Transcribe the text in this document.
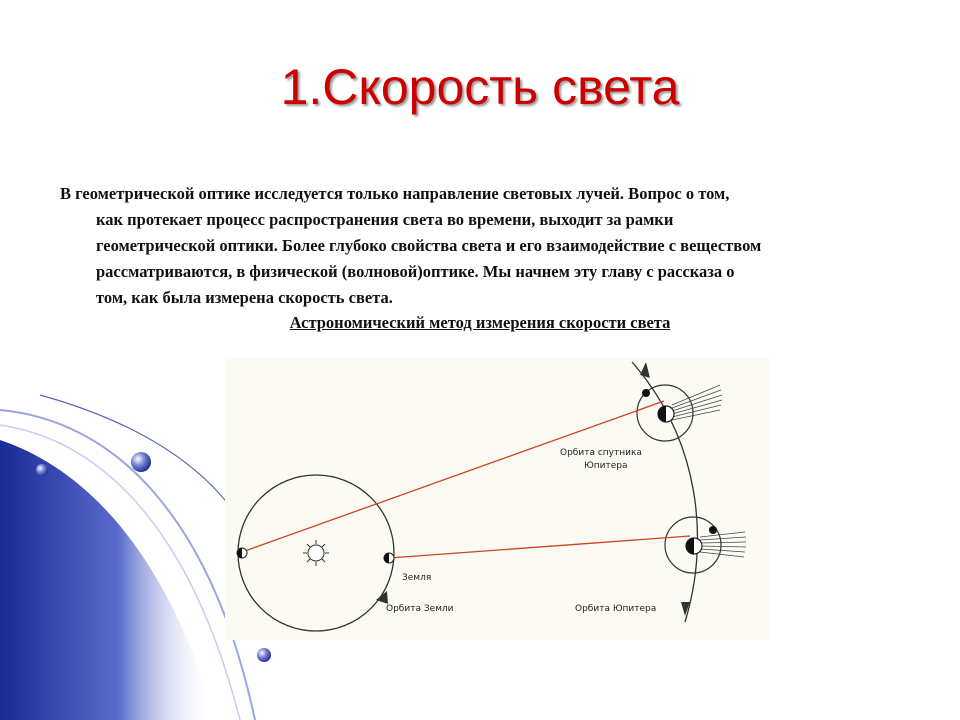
1.Скорость света
В геометрической оптике исследуется только направление световых лучей. Вопрос о том,
как протекает процесс распространения света во времени, выходит за рамки
геометрической оптики. Более глубоко свойства света и его взаимодействие с веществом
рассматриваются, в физической (волновой)оптике. Мы начнем эту главу с рассказа о
том, как была измерена скорость света.
Астрономический метод измерения скорости света
Орбита спутника
Юпитера
Земля
Орбита Земли	Орбита Юпитера
